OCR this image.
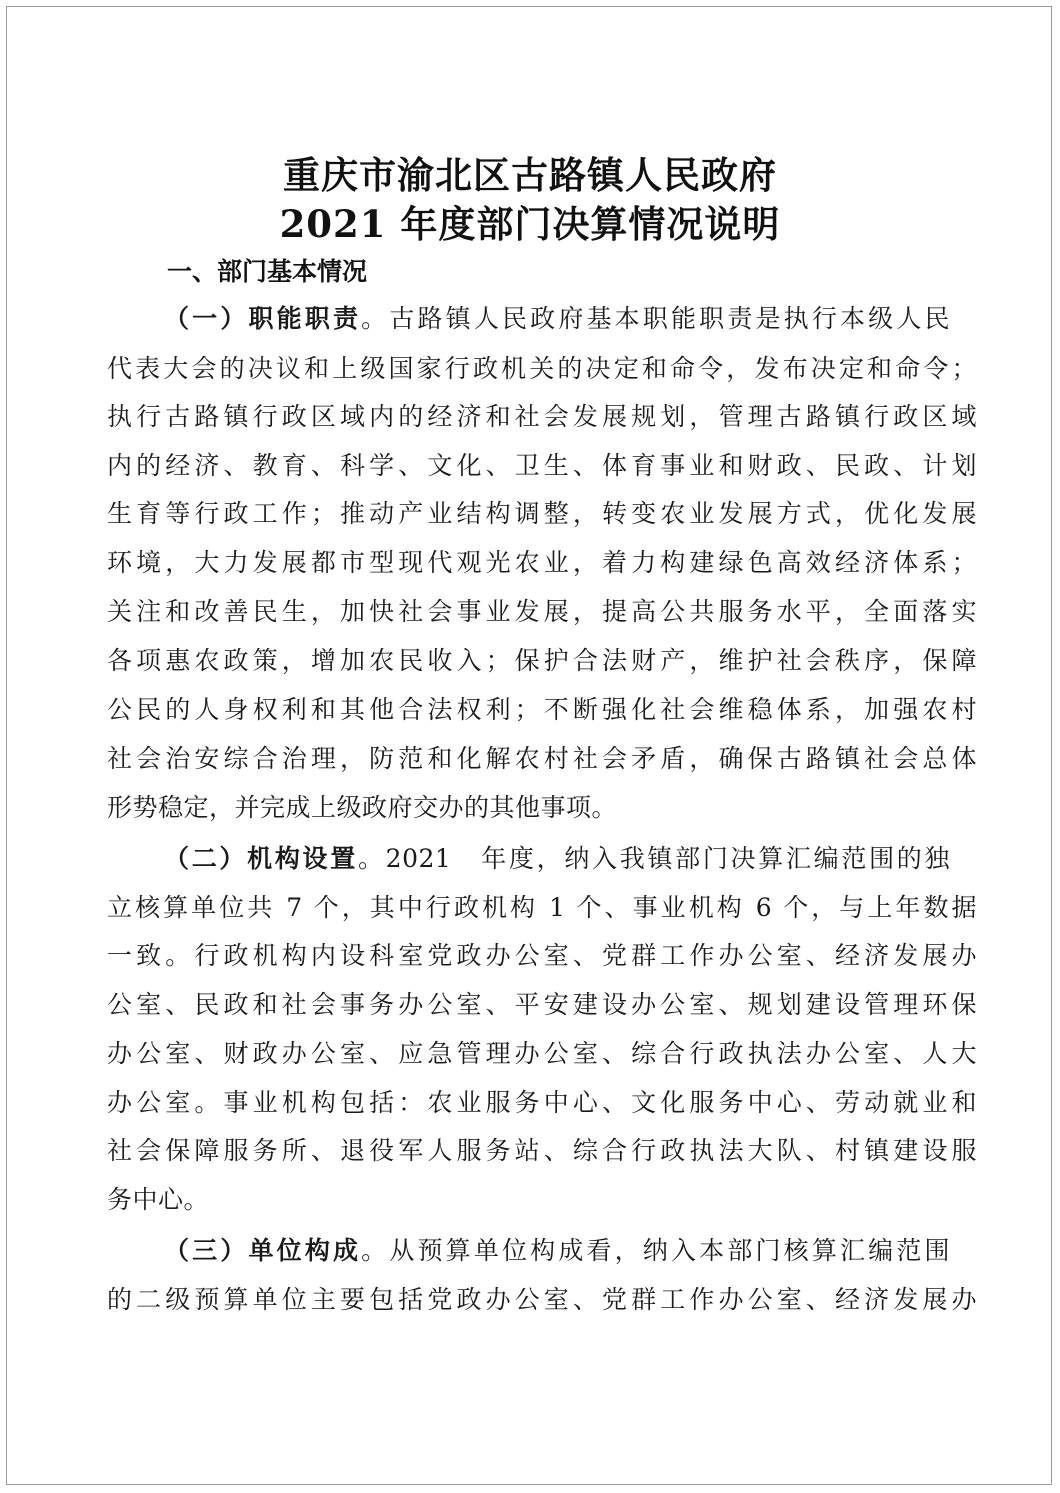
重庆市渝北区古路镇人民政府
2021 年度部门决算情况说明
一、部门基本情况
（一）职能职责。古路镇人民政府基本职能职责是执行本级人民
代表大会的决议和上级国家行政机关的决定和命令，发布决定和命令；
执行古路镇行政区域内的经济和社会发展规划，管理古路镇行政区域
内的经济、教育、科学、文化、卫生、体育事业和财政、民政、计划
生育等行政工作；推动产业结构调整，转变农业发展方式，优化发展
环境，大力发展都市型现代观光农业，着力构建绿色高效经济体系；
关注和改善民生，加快社会事业发展，提高公共服务水平，全面落实
各项惠农政策，增加农民收入；保护合法财产，维护社会秩序，保障
公民的人身权利和其他合法权利；不断强化社会维稳体系，加强农村
社会治安综合治理，防范和化解农村社会矛盾，确保古路镇社会总体
形势稳定，并完成上级政府交办的其他事项。
（二）机构设置。2021　年度，纳入我镇部门决算汇编范围的独
立核算单位共 7 个，其中行政机构 1 个、事业机构 6 个，与上年数据
一致。行政机构内设科室党政办公室、党群工作办公室、经济发展办
公室、民政和社会事务办公室、平安建设办公室、规划建设管理环保
办公室、财政办公室、应急管理办公室、综合行政执法办公室、人大
办公室。事业机构包括：农业服务中心、文化服务中心、劳动就业和
社会保障服务所、退役军人服务站、综合行政执法大队、村镇建设服
务中心。
（三）单位构成。从预算单位构成看，纳入本部门核算汇编范围
的二级预算单位主要包括党政办公室、党群工作办公室、经济发展办
